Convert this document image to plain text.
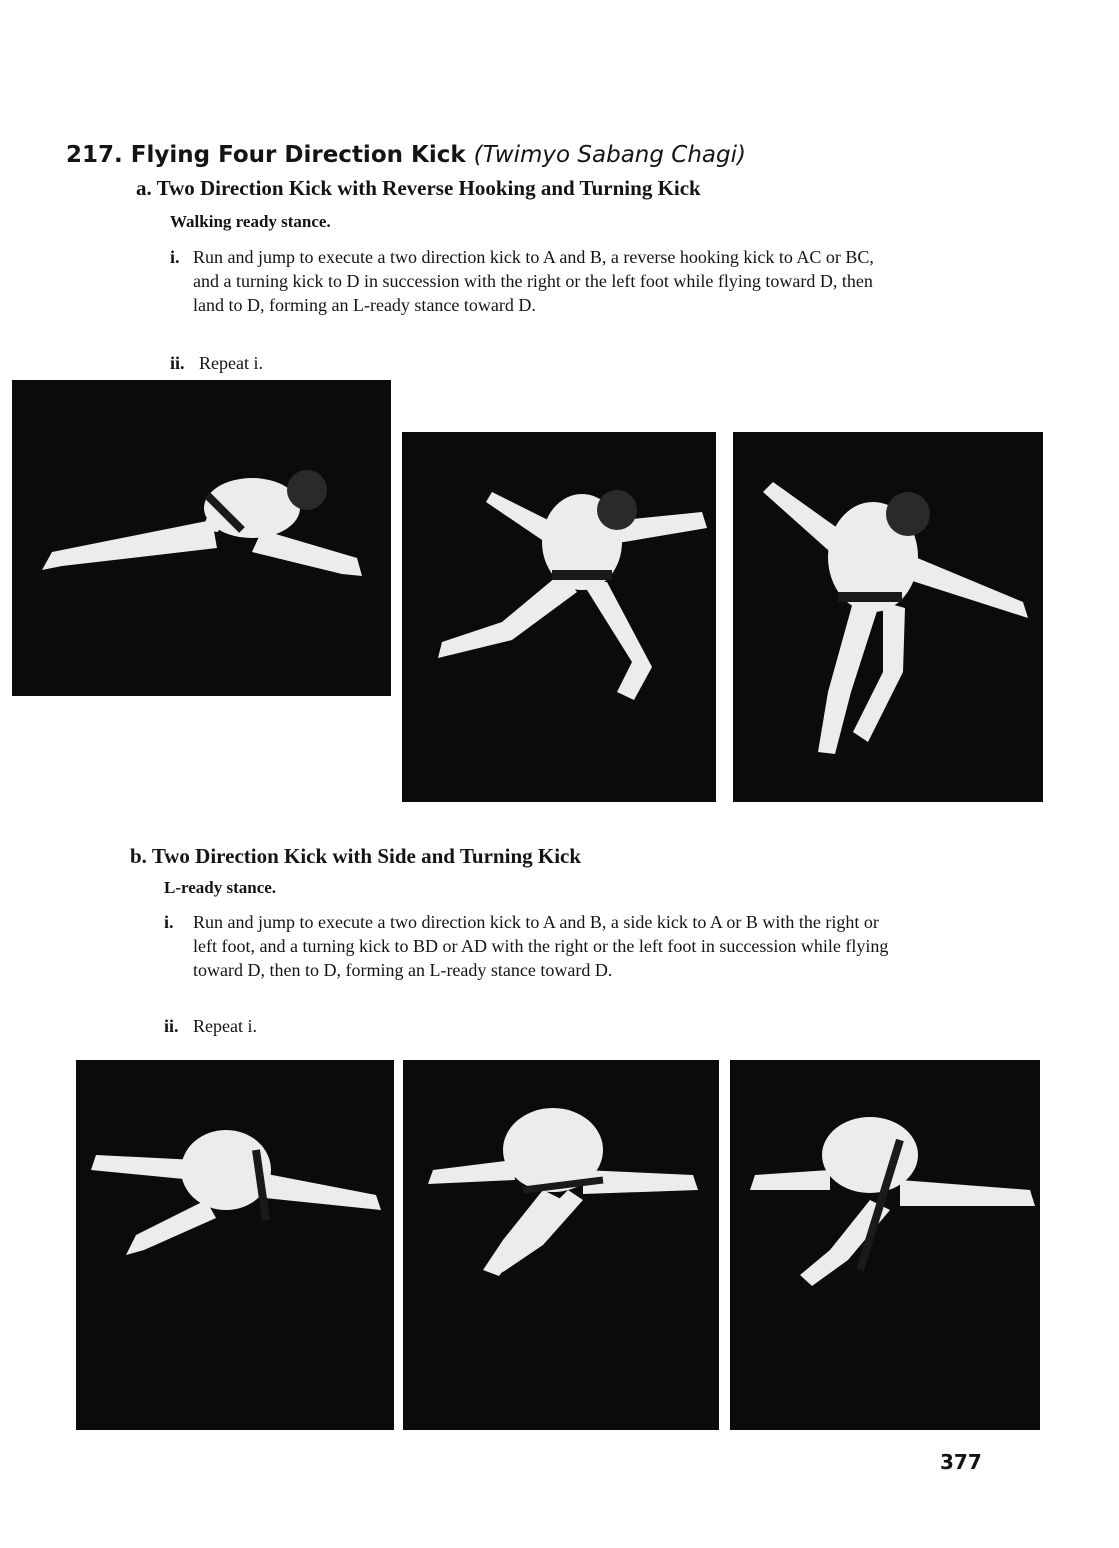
217. Flying Four Direction Kick (Twimyo Sabang Chagi)
a. Two Direction Kick with Reverse Hooking and Turning Kick
Walking ready stance.
i. Run and jump to execute a two direction kick to A and B, a reverse hooking kick to AC or BC, and a turning kick to D in succession with the right or the left foot while flying toward D, then land to D, forming an L-ready stance toward D.
ii. Repeat i.
b. Two Direction Kick with Side and Turning Kick
L-ready stance.
i. Run and jump to execute a two direction kick to A and B, a side kick to A or B with the right or left foot, and a turning kick to BD or AD with the right or the left foot in succession while flying toward D, then to D, forming an L-ready stance toward D.
ii. Repeat i.
377
